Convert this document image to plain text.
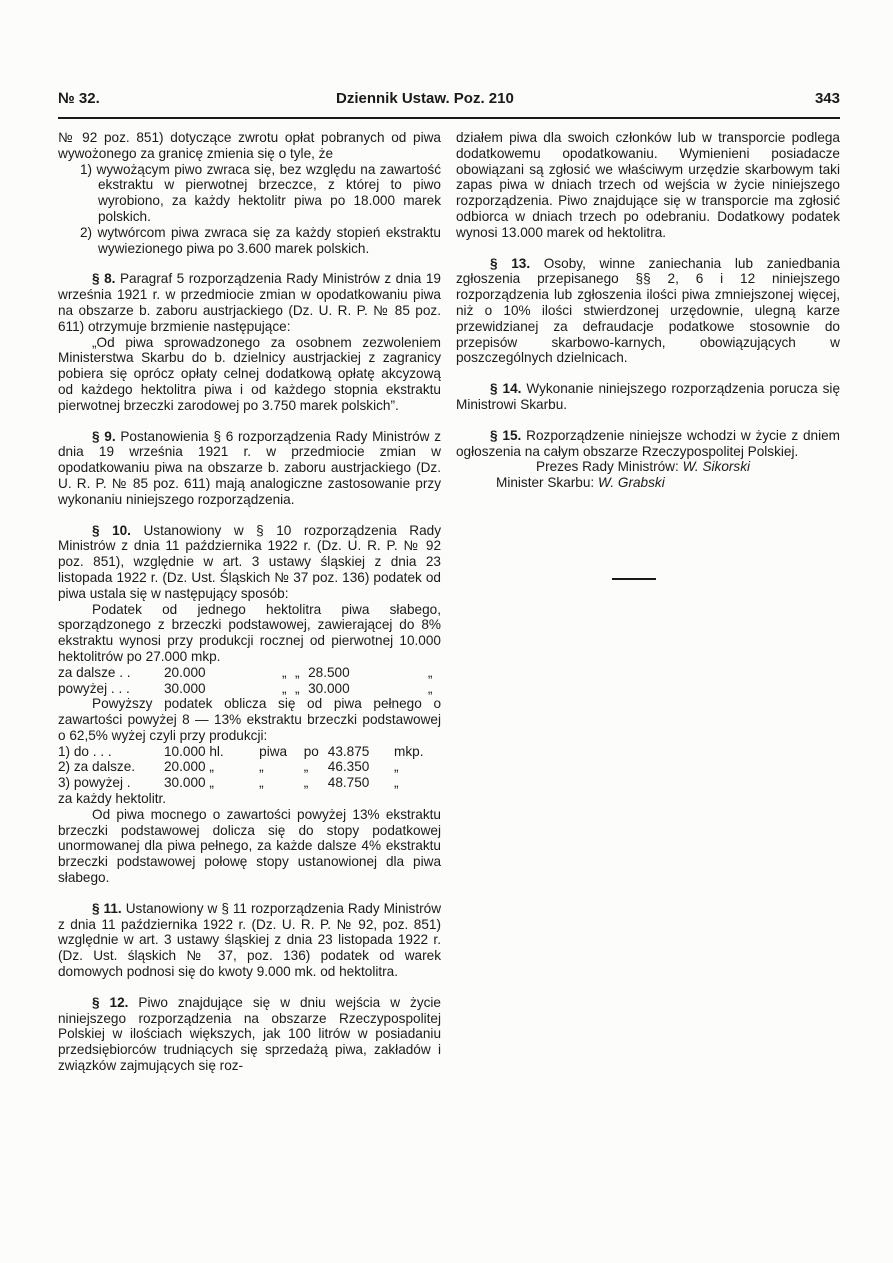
№ 32.	Dziennik Ustaw. Poz. 210	343

№ 92 poz. 851) dotyczące zwrotu opłat pobranych od piwa wywożonego za granicę zmienia się o tyle, że

1) wywożącym piwo zwraca się, bez względu na zawartość ekstraktu w pierwotnej brzeczce, z której to piwo wyrobiono, za każdy hektolitr piwa po 18.000 marek polskich.

2) wytwórcom piwa zwraca się za każdy stopień ekstraktu wywiezionego piwa po 3.600 marek polskich.

§ 8. Paragraf 5 rozporządzenia Rady Ministrów z dnia 19 września 1921 r. w przedmiocie zmian w opodatkowaniu piwa na obszarze b. zaboru austrjackiego (Dz. U. R. P. № 85 poz. 611) otrzymuje brzmienie następujące:

„Od piwa sprowadzonego za osobnem zezwoleniem Ministerstwa Skarbu do b. dzielnicy austrjackiej z zagranicy pobiera się oprócz opłaty celnej dodatkową opłatę akcyzową od każdego hektolitra piwa i od każdego stopnia ekstraktu pierwotnej brzeczki zarodowej po 3.750 marek polskich”.

§ 9. Postanowienia § 6 rozporządzenia Rady Ministrów z dnia 19 września 1921 r. w przedmiocie zmian w opodatkowaniu piwa na obszarze b. zaboru austrjackiego (Dz. U. R. P. № 85 poz. 611) mają analogiczne zastosowanie przy wykonaniu niniejszego rozporządzenia.

§ 10. Ustanowiony w § 10 rozporządzenia Rady Ministrów z dnia 11 października 1922 r. (Dz. U. R. P. № 92 poz. 851), względnie w art. 3 ustawy śląskiej z dnia 23 listopada 1922 r. (Dz. Ust. Śląskich № 37 poz. 136) podatek od piwa ustala się w następujący sposób:

Podatek od jednego hektolitra piwa słabego, sporządzonego z brzeczki podstawowej, zawierającej do 8% ekstraktu wynosi przy produkcji rocznej od pierwotnej 10.000 hektolitrów po 27.000 mkp.

za dalsze . .	20.000	„	„	28.500	„
powyżej . . .	30.000	„	„	30.000	„

Powyższy podatek oblicza się od piwa pełnego o zawartości powyżej 8 — 13% ekstraktu brzeczki podstawowej o 62,5% wyżej czyli przy produkcji:

1) do . . .	10.000 hl.	piwa	po	43.875	mkp.
2) za dalsze.	20.000 „	„	„	46.350	„
3) powyżej .	30.000 „	„	„	48.750	„

za każdy hektolitr.

Od piwa mocnego o zawartości powyżej 13% ekstraktu brzeczki podstawowej dolicza się do stopy podatkowej unormowanej dla piwa pełnego, za każde dalsze 4% ekstraktu brzeczki podstawowej połowę stopy ustanowionej dla piwa słabego.

§ 11. Ustanowiony w § 11 rozporządzenia Rady Ministrów z dnia 11 października 1922 r. (Dz. U. R. P. № 92, poz. 851) względnie w art. 3 ustawy śląskiej z dnia 23 listopada 1922 r. (Dz. Ust. śląskich № 37, poz. 136) podatek od warek domowych podnosi się do kwoty 9.000 mk. od hektolitra.

§ 12. Piwo znajdujące się w dniu wejścia w życie niniejszego rozporządzenia na obszarze Rzeczypospolitej Polskiej w ilościach większych, jak 100 litrów w posiadaniu przedsiębiorców trudniących się sprzedażą piwa, zakładów i związków zajmujących się roz-

działem piwa dla swoich członków lub w transporcie podlega dodatkowemu opodatkowaniu. Wymienieni posiadacze obowiązani są zgłosić we właściwym urzędzie skarbowym taki zapas piwa w dniach trzech od wejścia w życie niniejszego rozporządzenia. Piwo znajdujące się w transporcie ma zgłosić odbiorca w dniach trzech po odebraniu. Dodatkowy podatek wynosi 13.000 marek od hektolitra.

§ 13. Osoby, winne zaniechania lub zaniedbania zgłoszenia przepisanego §§ 2, 6 i 12 niniejszego rozporządzenia lub zgłoszenia ilości piwa zmniejszonej więcej, niż o 10% ilości stwierdzonej urzędownie, ulegną karze przewidzianej za defraudacje podatkowe stosownie do przepisów skarbowo-karnych, obowiązujących w poszczególnych dzielnicach.

§ 14. Wykonanie niniejszego rozporządzenia porucza się Ministrowi Skarbu.

§ 15. Rozporządzenie niniejsze wchodzi w życie z dniem ogłoszenia na całym obszarze Rzeczypospolitej Polskiej.

Prezes Rady Ministrów: W. Sikorski

Minister Skarbu: W. Grabski
